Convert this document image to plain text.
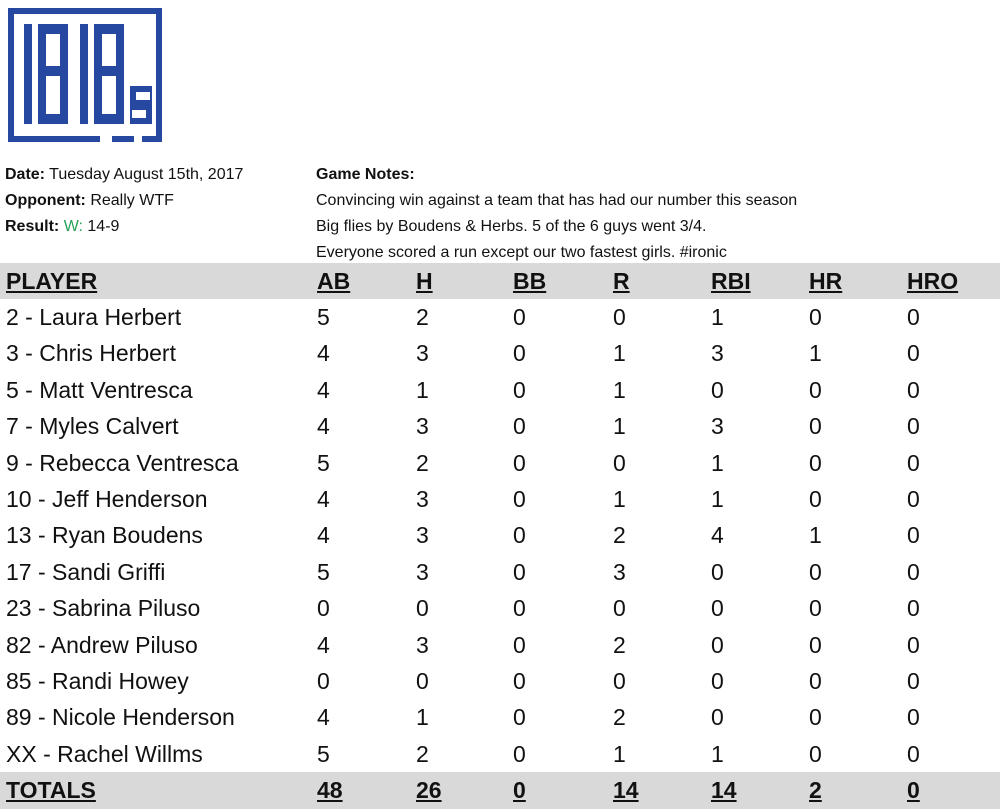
Date: Tuesday August 15th, 2017
Opponent: Really WTF
Result: W: 14-9
Game Notes:
Convincing win against a team that has had our number this season
Big flies by Boudens & Herbs. 5 of the 6 guys went 3/4.
Everyone scored a run except our two fastest girls. #ironic
PLAYER	AB	H	BB	R	RBI	HR	HRO
2 - Laura Herbert	5	2	0	0	1	0	0
3 - Chris Herbert	4	3	0	1	3	1	0
5 - Matt Ventresca	4	1	0	1	0	0	0
7 - Myles Calvert	4	3	0	1	3	0	0
9 - Rebecca Ventresca	5	2	0	0	1	0	0
10 - Jeff Henderson	4	3	0	1	1	0	0
13 - Ryan Boudens	4	3	0	2	4	1	0
17 - Sandi Griffi	5	3	0	3	0	0	0
23 - Sabrina Piluso	0	0	0	0	0	0	0
82 - Andrew Piluso	4	3	0	2	0	0	0
85 - Randi Howey	0	0	0	0	0	0	0
89 - Nicole Henderson	4	1	0	2	0	0	0
XX - Rachel Willms	5	2	0	1	1	0	0
TOTALS	48	26	0	14	14	2	0
